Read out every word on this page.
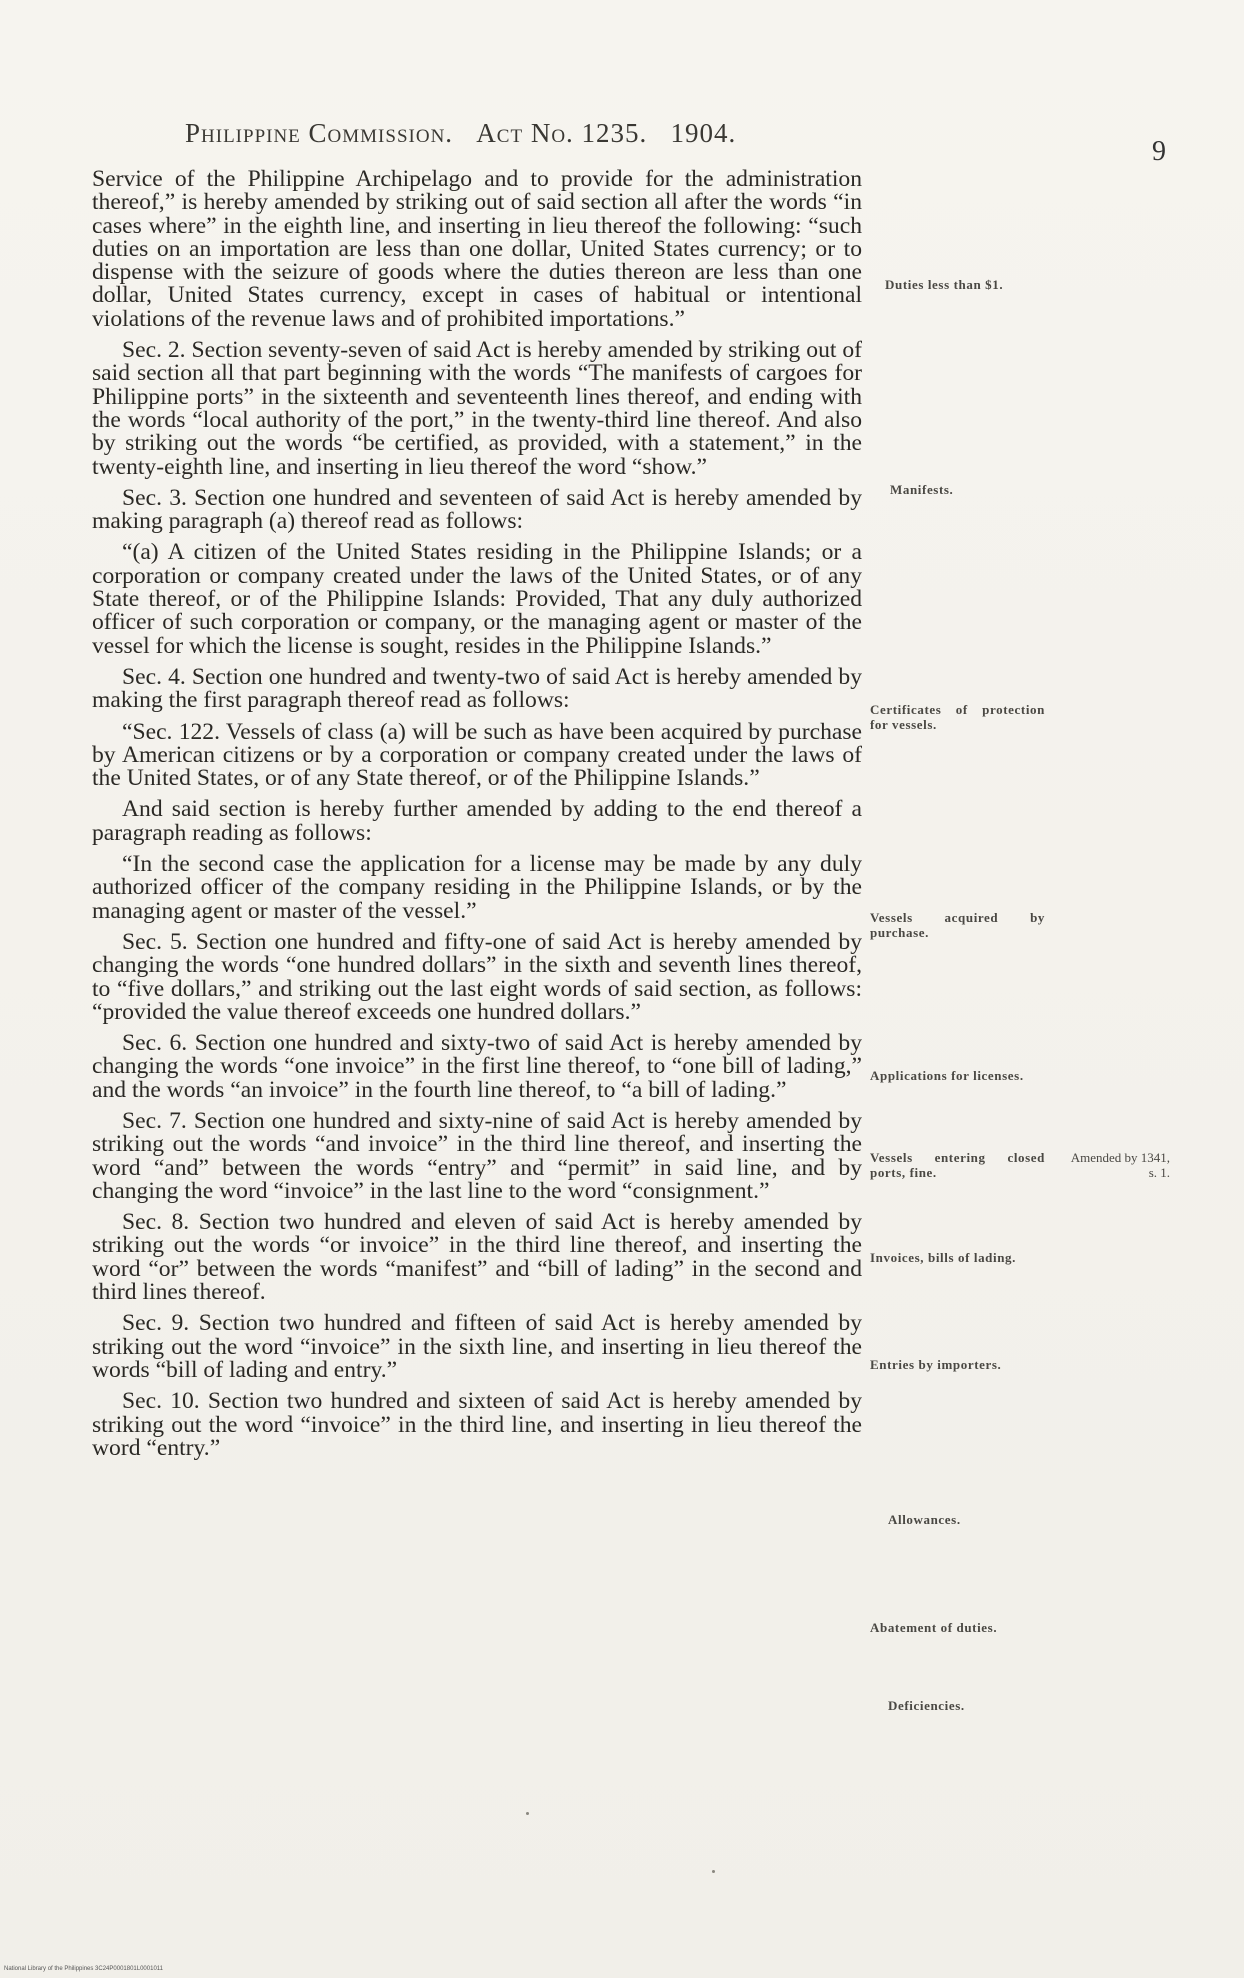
Philippine Commission. Act No. 1235. 1904.
9

Service of the Philippine Archipelago and to provide for the administration thereof,” is hereby amended by striking out of said section all after the words “in cases where” in the eighth line, and inserting in lieu thereof the following: “such duties on an importation are less than one dollar, United States currency; or to dispense with the seizure of goods where the duties thereon are less than one dollar, United States currency, except in cases of habitual or intentional violations of the revenue laws and of prohibited importations.”

Sec. 2. Section seventy-seven of said Act is hereby amended by striking out of said section all that part beginning with the words “The manifests of cargoes for Philippine ports” in the sixteenth and seventeenth lines thereof, and ending with the words “local authority of the port,” in the twenty-third line thereof. And also by striking out the words “be certified, as provided, with a statement,” in the twenty-eighth line, and inserting in lieu thereof the word “show.”

Sec. 3. Section one hundred and seventeen of said Act is hereby amended by making paragraph (a) thereof read as follows:

“(a) A citizen of the United States residing in the Philippine Islands; or a corporation or company created under the laws of the United States, or of any State thereof, or of the Philippine Islands: Provided, That any duly authorized officer of such corporation or company, or the managing agent or master of the vessel for which the license is sought, resides in the Philippine Islands.”

Sec. 4. Section one hundred and twenty-two of said Act is hereby amended by making the first paragraph thereof read as follows:

“Sec. 122. Vessels of class (a) will be such as have been acquired by purchase by American citizens or by a corporation or company created under the laws of the United States, or of any State thereof, or of the Philippine Islands.”

And said section is hereby further amended by adding to the end thereof a paragraph reading as follows:

“In the second case the application for a license may be made by any duly authorized officer of the company residing in the Philippine Islands, or by the managing agent or master of the vessel.”

Sec. 5. Section one hundred and fifty-one of said Act is hereby amended by changing the words “one hundred dollars” in the sixth and seventh lines thereof, to “five dollars,” and striking out the last eight words of said section, as follows: “provided the value thereof exceeds one hundred dollars.”

Sec. 6. Section one hundred and sixty-two of said Act is hereby amended by changing the words “one invoice” in the first line thereof, to “one bill of lading,” and the words “an invoice” in the fourth line thereof, to “a bill of lading.”

Sec. 7. Section one hundred and sixty-nine of said Act is hereby amended by striking out the words “and invoice” in the third line thereof, and inserting the word “and” between the words “entry” and “permit” in said line, and by changing the word “invoice” in the last line to the word “consignment.”

Sec. 8. Section two hundred and eleven of said Act is hereby amended by striking out the words “or invoice” in the third line thereof, and inserting the word “or” between the words “manifest” and “bill of lading” in the second and third lines thereof.

Sec. 9. Section two hundred and fifteen of said Act is hereby amended by striking out the word “invoice” in the sixth line, and inserting in lieu thereof the words “bill of lading and entry.”

Sec. 10. Section two hundred and sixteen of said Act is hereby amended by striking out the word “invoice” in the third line, and inserting in lieu thereof the word “entry.”

Duties less than $1.
Manifests.
Certificates of protection for vessels.
Vessels acquired by purchase.
Applications for licenses.
Vessels entering closed ports, fine.
Invoices, bills of lading.
Entries by importers.
Allowances.
Abatement of duties.
Deficiencies.
Amended by 1341, s. 1.
National Library of the Philippines 3C24P0001801L0001011
